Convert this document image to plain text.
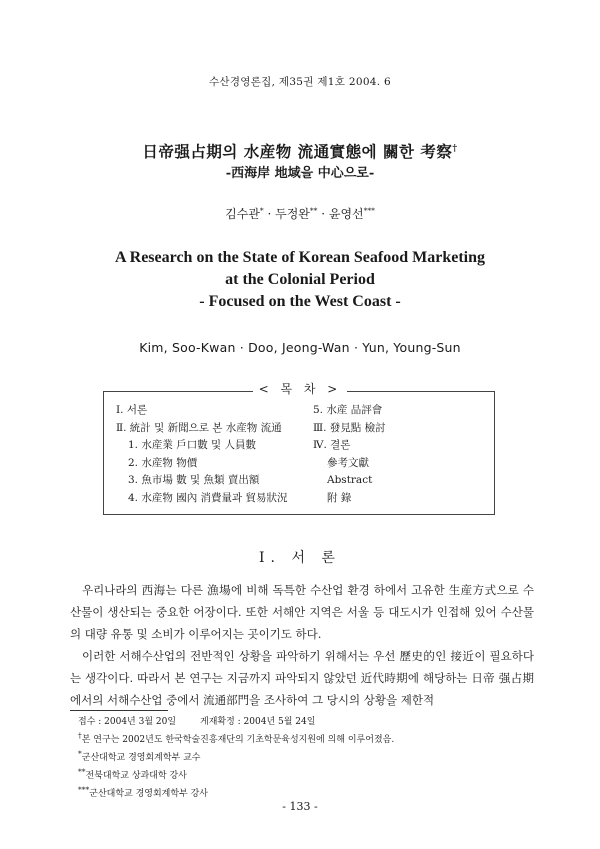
수산경영론집, 제35권 제1호 2004. 6
日帝强占期의 水産物 流通實態에 關한 考察†
-西海岸 地域을 中心으로-
김수관* · 두정완** · 윤영선***
A Research on the State of Korean Seafood Marketing
at the Colonial Period
- Focused on the West Coast -
Kim, Soo-Kwan · Doo, Jeong-Wan · Yun, Young-Sun
< 목 차 >
Ⅰ. 서론
Ⅱ. 統計 및 新聞으로 본 水産物 流通
1. 水産業 戶口數 및 人員數
2. 水産物 物價
3. 魚市場 數 및 魚類 賣出額
4. 水産物 國內 消費量과 貿易狀況
5. 水産 品評會
Ⅲ. 發見點 檢討
Ⅳ. 결론
參考文獻
Abstract
附 錄
Ⅰ. 서 론

우리나라의 西海는 다른 漁場에 비해 독특한 수산업 환경 하에서 고유한 生産方式으로 수산물이 생산되는 중요한 어장이다. 또한 서해안 지역은 서울 등 대도시가 인접해 있어 수산물의 대량 유통 및 소비가 이루어지는 곳이기도 하다.

이러한 서해수산업의 전반적인 상황을 파악하기 위해서는 우선 歷史的인 接近이 필요하다는 생각이다. 따라서 본 연구는 지금까지 파악되지 않았던 近代時期에 해당하는 日帝 强占期에서의 서해수산업 중에서 流通部門을 조사하여 그 당시의 상황을 제한적

접수 : 2004년 3월 20일	게재확정 : 2004년 5월 24일
†본 연구는 2002년도 한국학술진흥재단의 기초학문육성지원에 의해 이루어졌음.
*군산대학교 경영회계학부 교수
**전북대학교 상과대학 강사
***군산대학교 경영회계학부 강사
- 133 -
